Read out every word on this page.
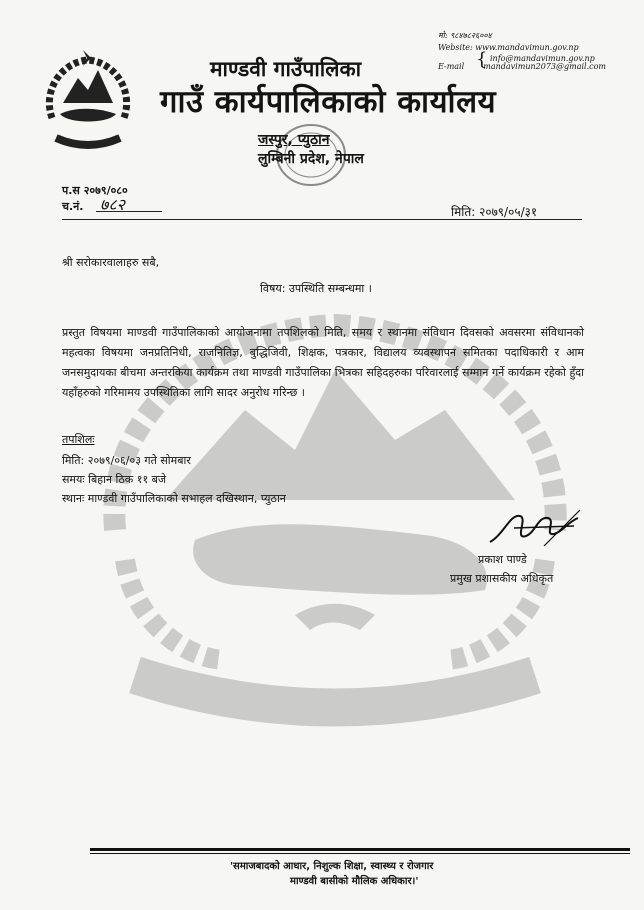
माण्डवी गाउँपालिका
गाउँ कार्यपालिकाको कार्यालय
जस्पुर, प्युठान
लुम्बिनी प्रदेश, नेपाल
मो: ९८४७८२६००४
Website: www.mandavimun.gov.np
{ info@mandavimun.gov.np
E-mail mandavimun2073@gmail.com
प.स २०७९/०८०
च.नं. ७८२	मिति: २०७९/०५/३१
श्री सरोकारवालाहरु सबै,
विषय: उपस्थिति सम्बन्धमा ।
प्रस्तुत विषयमा माण्डवी गाउँपालिकाको आयोजनामा तपशिलको मिति, समय र स्थानमा संविधान दिवसको अवसरमा संविधानको महत्वका विषयमा जनप्रतिनिधी, राजनितिज्ञ, बुद्धिजिवी, शिक्षक, पत्रकार, विद्यालय व्यवस्थापन समितका पदाधिकारी र आम जनसमुदायका बीचमा अन्तरकिया कार्यक्रम तथा माण्डवी गाउँपालिका भित्रका सहिदहरुका परिवारलाई सम्मान गर्ने कार्यक्रम रहेको हुँदा यहाँहरुको गरिमामय उपस्थितिका लागि सादर अनुरोध गरिन्छ ।
तपशिलः
मिति: २०७९/०६/०३ गते सोमबार
समयः बिहान ठिक ११ बजे
स्थानः माण्डवी गाउँपालिकाको सभाहल दखिस्थान, प्युठान
प्रकाश पाण्डे
प्रमुख प्रशासकीय अधिकृत
'समाजबादको आधार, निशुल्क शिक्षा, स्वास्थ्य र रोजगार
माण्डवी बासीको मौलिक अधिकार।'
